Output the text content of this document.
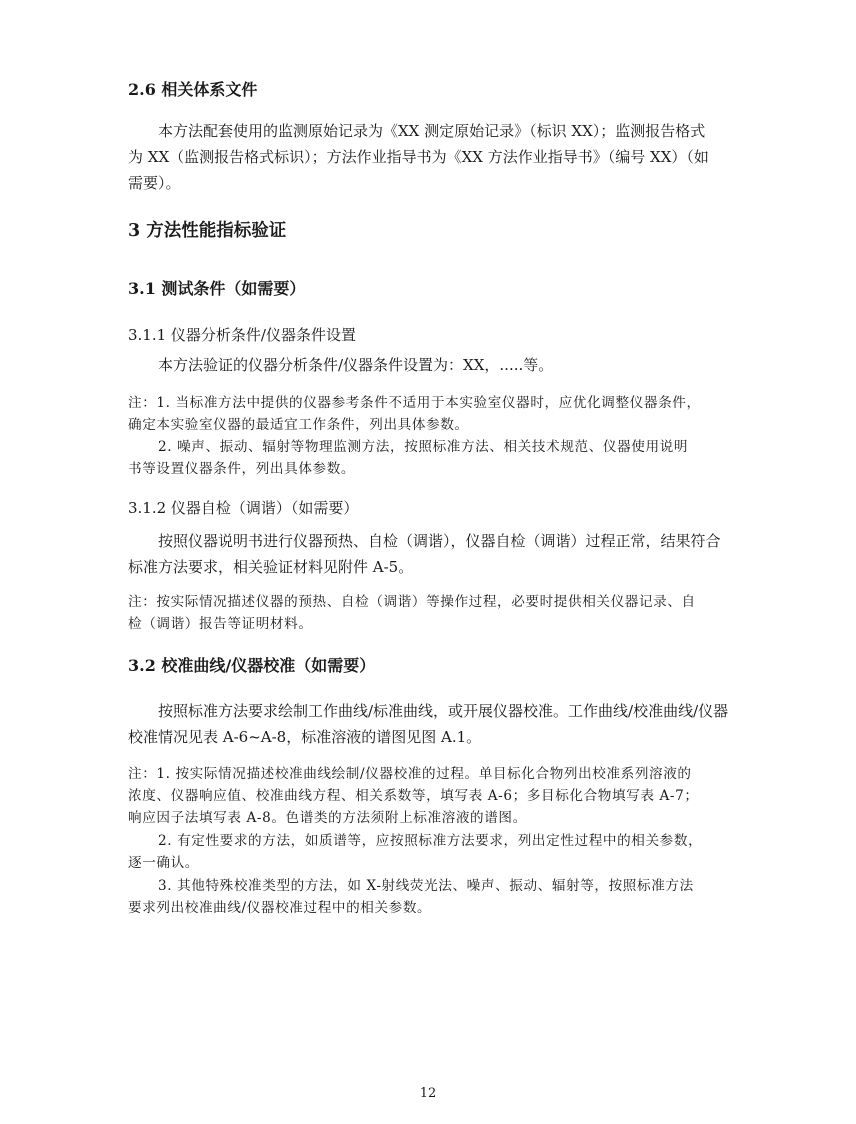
2.6 相关体系文件
本方法配套使用的监测原始记录为《XX 测定原始记录》（标识 XX）；监测报告格式
为 XX（监测报告格式标识）；方法作业指导书为《XX 方法作业指导书》（编号 XX）（如
需要）。
3 方法性能指标验证
3.1 测试条件（如需要）
3.1.1 仪器分析条件/仪器条件设置
本方法验证的仪器分析条件/仪器条件设置为：XX，.....等。
注：1. 当标准方法中提供的仪器参考条件不适用于本实验室仪器时，应优化调整仪器条件，
确定本实验室仪器的最适宜工作条件，列出具体参数。
2. 噪声、振动、辐射等物理监测方法，按照标准方法、相关技术规范、仪器使用说明
书等设置仪器条件，列出具体参数。
3.1.2 仪器自检（调谐）（如需要）
按照仪器说明书进行仪器预热、自检（调谐），仪器自检（调谐）过程正常，结果符合
标准方法要求，相关验证材料见附件 A-5。
注：按实际情况描述仪器的预热、自检（调谐）等操作过程，必要时提供相关仪器记录、自
检（调谐）报告等证明材料。
3.2 校准曲线/仪器校准（如需要）
按照标准方法要求绘制工作曲线/标准曲线，或开展仪器校准。工作曲线/校准曲线/仪器
校准情况见表 A-6~A-8，标准溶液的谱图见图 A.1。
注：1. 按实际情况描述校准曲线绘制/仪器校准的过程。单目标化合物列出校准系列溶液的
浓度、仪器响应值、校准曲线方程、相关系数等，填写表 A-6；多目标化合物填写表 A-7；
响应因子法填写表 A-8。色谱类的方法须附上标准溶液的谱图。
2. 有定性要求的方法，如质谱等，应按照标准方法要求，列出定性过程中的相关参数，
逐一确认。
3. 其他特殊校准类型的方法，如 X-射线荧光法、噪声、振动、辐射等，按照标准方法
要求列出校准曲线/仪器校准过程中的相关参数。
12
